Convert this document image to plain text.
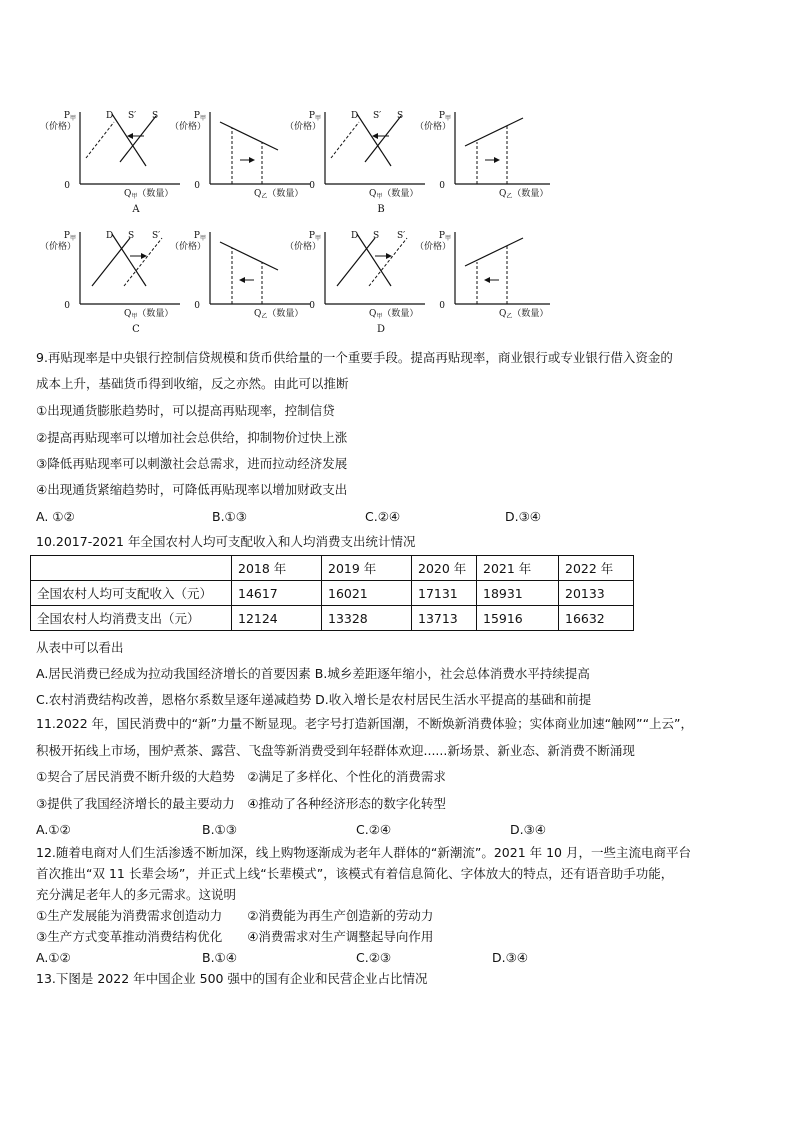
$P_甲$
（价格）
0
$Q_甲$（数量）
D S′ S
A
$P_甲$
（价格）
0
$Q_乙$（数量）
$P_甲$
（价格）
0
$Q_甲$（数量）
D S′ S
B
$P_甲$
（价格）
0
$Q_乙$（数量）
$P_甲$
（价格）
0
$Q_甲$（数量）
D S S′
C
$P_甲$
（价格）
0
$Q_乙$（数量）
$P_甲$
（价格）
0
$Q_甲$（数量）
D S S′
D
$P_甲$
（价格）
0
$Q_乙$（数量）
9.再贴现率是中央银行控制信贷规模和货币供给量的一个重要手段。提高再贴现率，商业银行或专业银行借入资金的
成本上升，基础货币得到收缩，反之亦然。由此可以推断
①出现通货膨胀趋势时，可以提高再贴现率，控制信贷
②提高再贴现率可以增加社会总供给，抑制物价过快上涨
③降低再贴现率可以刺激社会总需求，进而拉动经济发展
④出现通货紧缩趋势时，可降低再贴现率以增加财政支出
A. ①②	B.①③	C.②④	D.③④
10.2017-2021 年全国农村人均可支配收入和人均消费支出统计情况
	2018 年	2019 年	2020 年	2021 年	2022 年
全国农村人均可支配收入（元）	14617	16021	17131	18931	20133
全国农村人均消费支出（元）	12124	13328	13713	15916	16632
从表中可以看出
A.居民消费已经成为拉动我国经济增长的首要因素 B.城乡差距逐年缩小，社会总体消费水平持续提高
C.农村消费结构改善，恩格尔系数呈逐年递减趋势 D.收入增长是农村居民生活水平提高的基础和前提
11.2022 年，国民消费中的“新”力量不断显现。老字号打造新国潮，不断焕新消费体验；实体商业加速“触网”“上云”，
积极开拓线上市场，围炉煮茶、露营、飞盘等新消费受到年轻群体欢迎......新场景、新业态、新消费不断涌现
①契合了居民消费不断升级的大趋势　②满足了多样化、个性化的消费需求
③提供了我国经济增长的最主要动力　④推动了各种经济形态的数字化转型
A.①②	B.①③	C.②④	D.③④
12.随着电商对人们生活渗透不断加深，线上购物逐渐成为老年人群体的“新潮流”。2021 年 10 月，一些主流电商平台
首次推出“双 11 长辈会场”，并正式上线“长辈模式”，该模式有着信息简化、字体放大的特点，还有语音助手功能，
充分满足老年人的多元需求。这说明
①生产发展能为消费需求创造动力　　②消费能为再生产创造新的劳动力
③生产方式变革推动消费结构优化　　④消费需求对生产调整起导向作用
A.①②	B.①④	C.②③	D.③④
13.下图是 2022 年中国企业 500 强中的国有企业和民营企业占比情况
